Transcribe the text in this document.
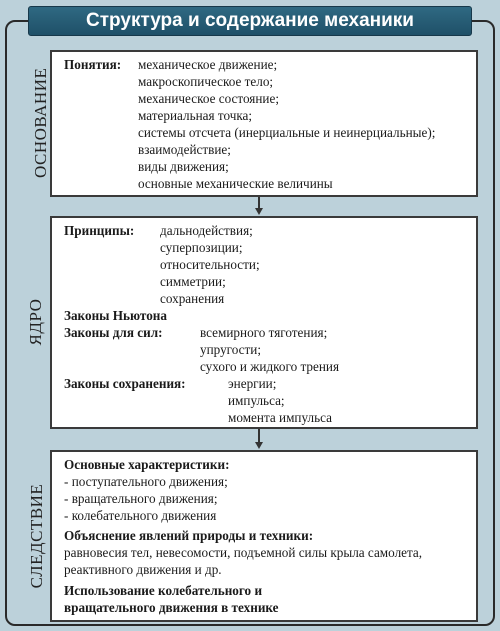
Структура и содержание механики
ОСНОВАНИЕ
Понятия: механическое движение;
макроскопическое тело;
механическое состояние;
материальная точка;
системы отсчета (инерциальные и неинерциальные);
взаимодействие;
виды движения;
основные механические величины
ЯДРО
Принципы: дальнодействия;
суперпозиции;
относительности;
симметрии;
сохранения
Законы Ньютона
Законы для сил:	всемирного тяготения;
упругости;
сухого и жидкого трения
Законы сохранения:	энергии;
импульса;
момента импульса
СЛЕДСТВИЕ
Основные характеристики:
- поступательного движения;
- вращательного движения;
- колебательного движения
Объяснение явлений природы и техники:
равновесия тел, невесомости, подъемной силы крыла самолета,
реактивного движения и др.
Использование колебательного и
вращательного движения в технике
